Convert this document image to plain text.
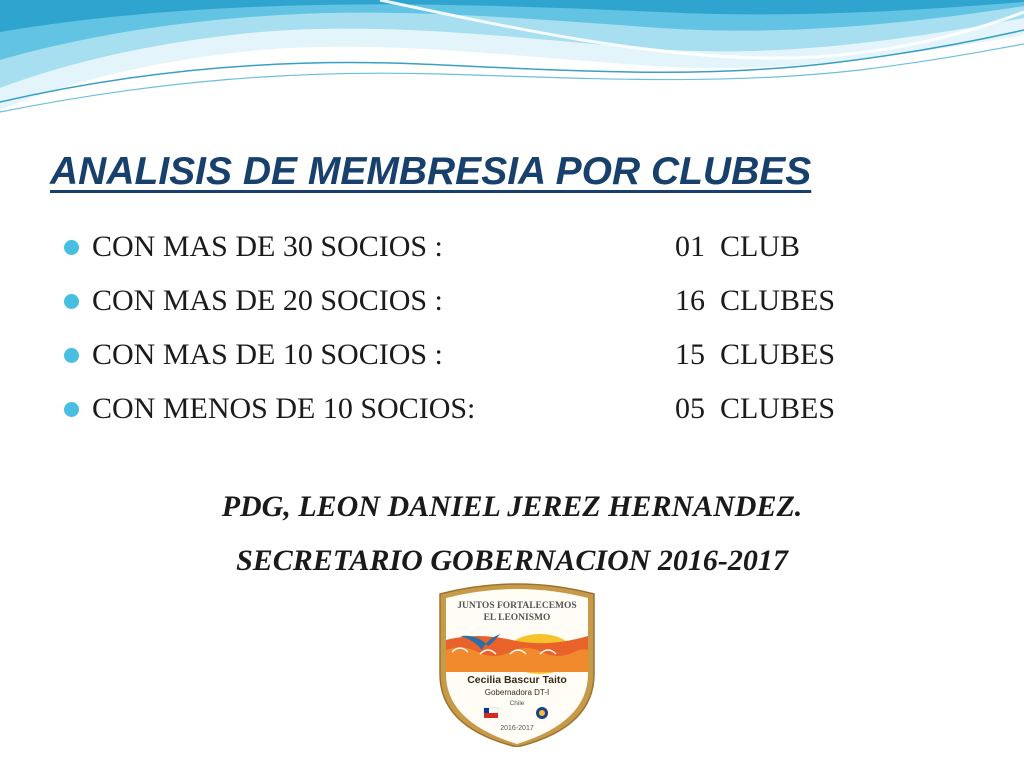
ANALISIS DE MEMBRESIA POR CLUBES
CON MAS DE 30 SOCIOS :	01  CLUB
CON MAS DE 20 SOCIOS :	16  CLUBES
CON MAS DE 10 SOCIOS :	15  CLUBES
CON MENOS DE 10 SOCIOS:	05  CLUBES
PDG, LEON DANIEL JEREZ HERNANDEZ.
SECRETARIO GOBERNACION 2016-2017
JUNTOS FORTALECEMOS
EL LEONISMO
Cecilia Bascur Taito
Gobernadora DT-I
Chile
2016-2017
